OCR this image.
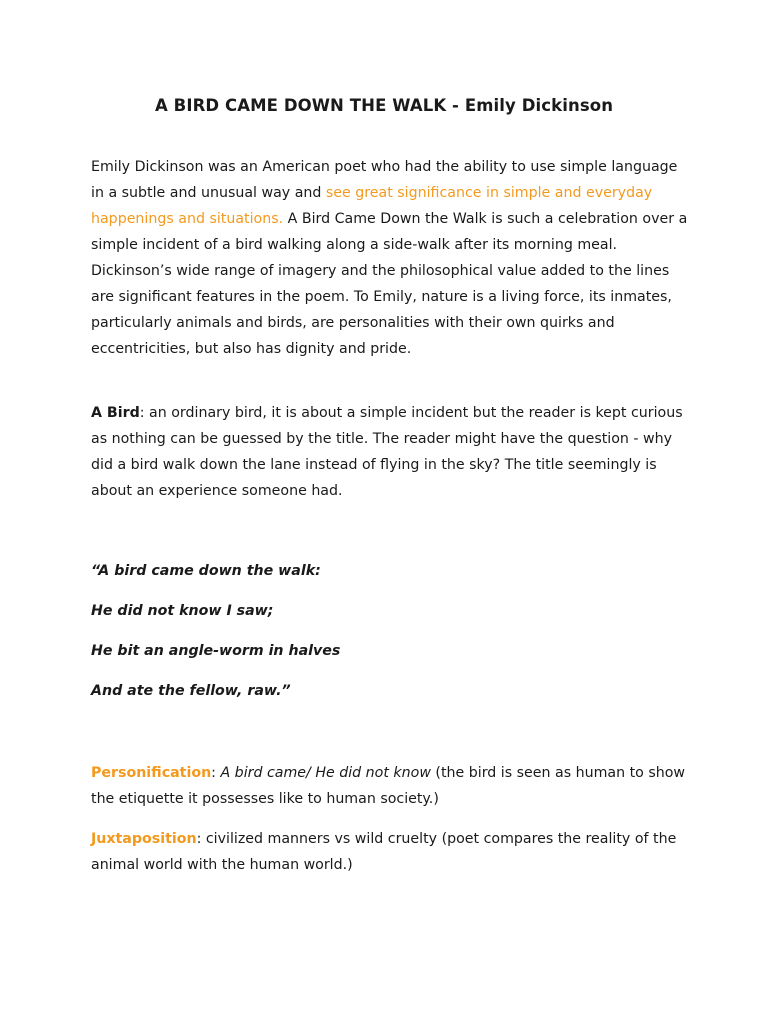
A BIRD CAME DOWN THE WALK - Emily Dickinson

Emily Dickinson was an American poet who had the ability to use simple language in a subtle and unusual way and see great significance in simple and everyday happenings and situations. A Bird Came Down the Walk is such a celebration over a simple incident of a bird walking along a side-walk after its morning meal. Dickinson’s wide range of imagery and the philosophical value added to the lines are significant features in the poem. To Emily, nature is a living force, its inmates, particularly animals and birds, are personalities with their own quirks and eccentricities, but also has dignity and pride.

A Bird: an ordinary bird, it is about a simple incident but the reader is kept curious as nothing can be guessed by the title. The reader might have the question - why did a bird walk down the lane instead of flying in the sky? The title seemingly is about an experience someone had.

“A bird came down the walk:

He did not know I saw;

He bit an angle-worm in halves

And ate the fellow, raw.”

Personification: A bird came/ He did not know (the bird is seen as human to show the etiquette it possesses like to human society.)

Juxtaposition: civilized manners vs wild cruelty (poet compares the reality of the animal world with the human world.)
